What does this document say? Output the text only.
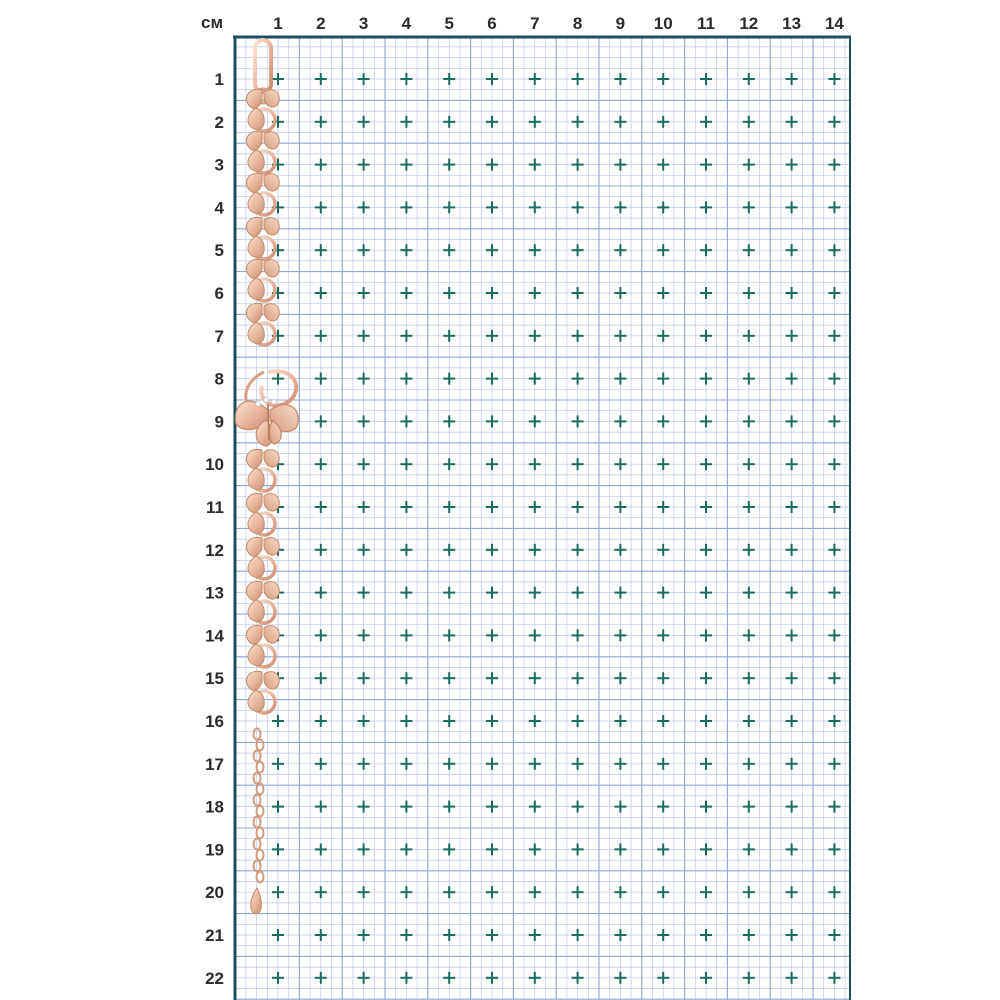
см	1 2 3 4 5 6 7 8 9 10 11 12 13 14
1
2
3
4
5
6
7
8
9
10
11
12
13
14
15
16
17
18
19
20
21
22
